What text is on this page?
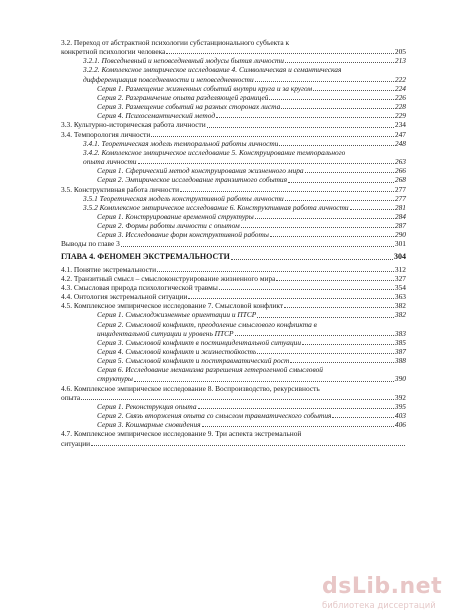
3.2. Переход от абстрактной психологии субстанционального субъекта к
конкретной психологии человека	205
3.2.1. Повседневный и неповседневный модусы бытия личности	213
3.2.2. Комплексное эмпирическое исследование 4. Символическая и семантическая
дифференциация повседневности и неповседневности	222
Серия 1. Размещение жизненных событий внутри круга и за кругом	224
Серия 2. Разграничение опыта разделяющей границей	226
Серия 3. Размещение событий на разных сторонах листа	228
Серия 4. Психосемантический метод	229
3.3. Культурно-историческая работа личности	234
3.4. Темпорология личности	247
3.4.1. Теоретическая модель темпоральной работы личности	248
3.4.2. Комплексное эмпирическое исследование 5. Конструирование темпорального
опыта личности	263
Серия 1. Сферический метод конструирования жизненного мира	266
Серия 2. Эмпирическое исследование транзитного события	268
3.5. Конструктивная работа личности	277
3.5.1 Теоретическая модель конструктивной работы личности	277
3.5.2 Комплексное эмпирическое исследование 6. Конструктивная работа личности	281
Серия 1. Конструирование временной структуры	284
Серия 2. Формы работы личности с опытом	287
Серия 3. Исследование форм конструктивной работы	290
Выводы по главе 3	301
ГЛАВА 4. ФЕНОМЕН ЭКСТРЕМАЛЬНОСТИ	304
4.1. Понятие экстремальности	312
4.2. Транзитный смысл – смыслоконструирование жизненного мира	327
4.3. Смысловая природа психологической травмы	354
4.4. Онтология экстремальной ситуации	363
4.5. Комплексное эмпирическое исследование 7. Смысловой конфликт	382
Серия 1. Смыслоджизненные ориентации и ПТСР	382
Серия 2. Смысловой конфликт, преодоление смыслового конфликта в
инцидентальной ситуации и уровень ПТСР	383
Серия 3. Смысловой конфликт в постинцидентальной ситуации	385
Серия 4. Смысловой конфликт и жизнестойкость	387
Серия 5. Смысловой конфликт и посттравматический рост	388
Серия 6. Исследование механизма разрешения гетерогенной смысловой
структуры	390
4.6. Комплексное эмпирическое исследование 8. Воспроизводство, рекурсивность
опыта	392
Серия 1. Реконструкция опыта	395
Серия 2. Связь вторжения опыта со смыслом травматического события	403
Серия 3. Кошмарные сновидения	406
4.7. Комплексное эмпирическое исследование 9. Три аспекта экстремальной
ситуации
dsLib.net
библиотека диссертаций
